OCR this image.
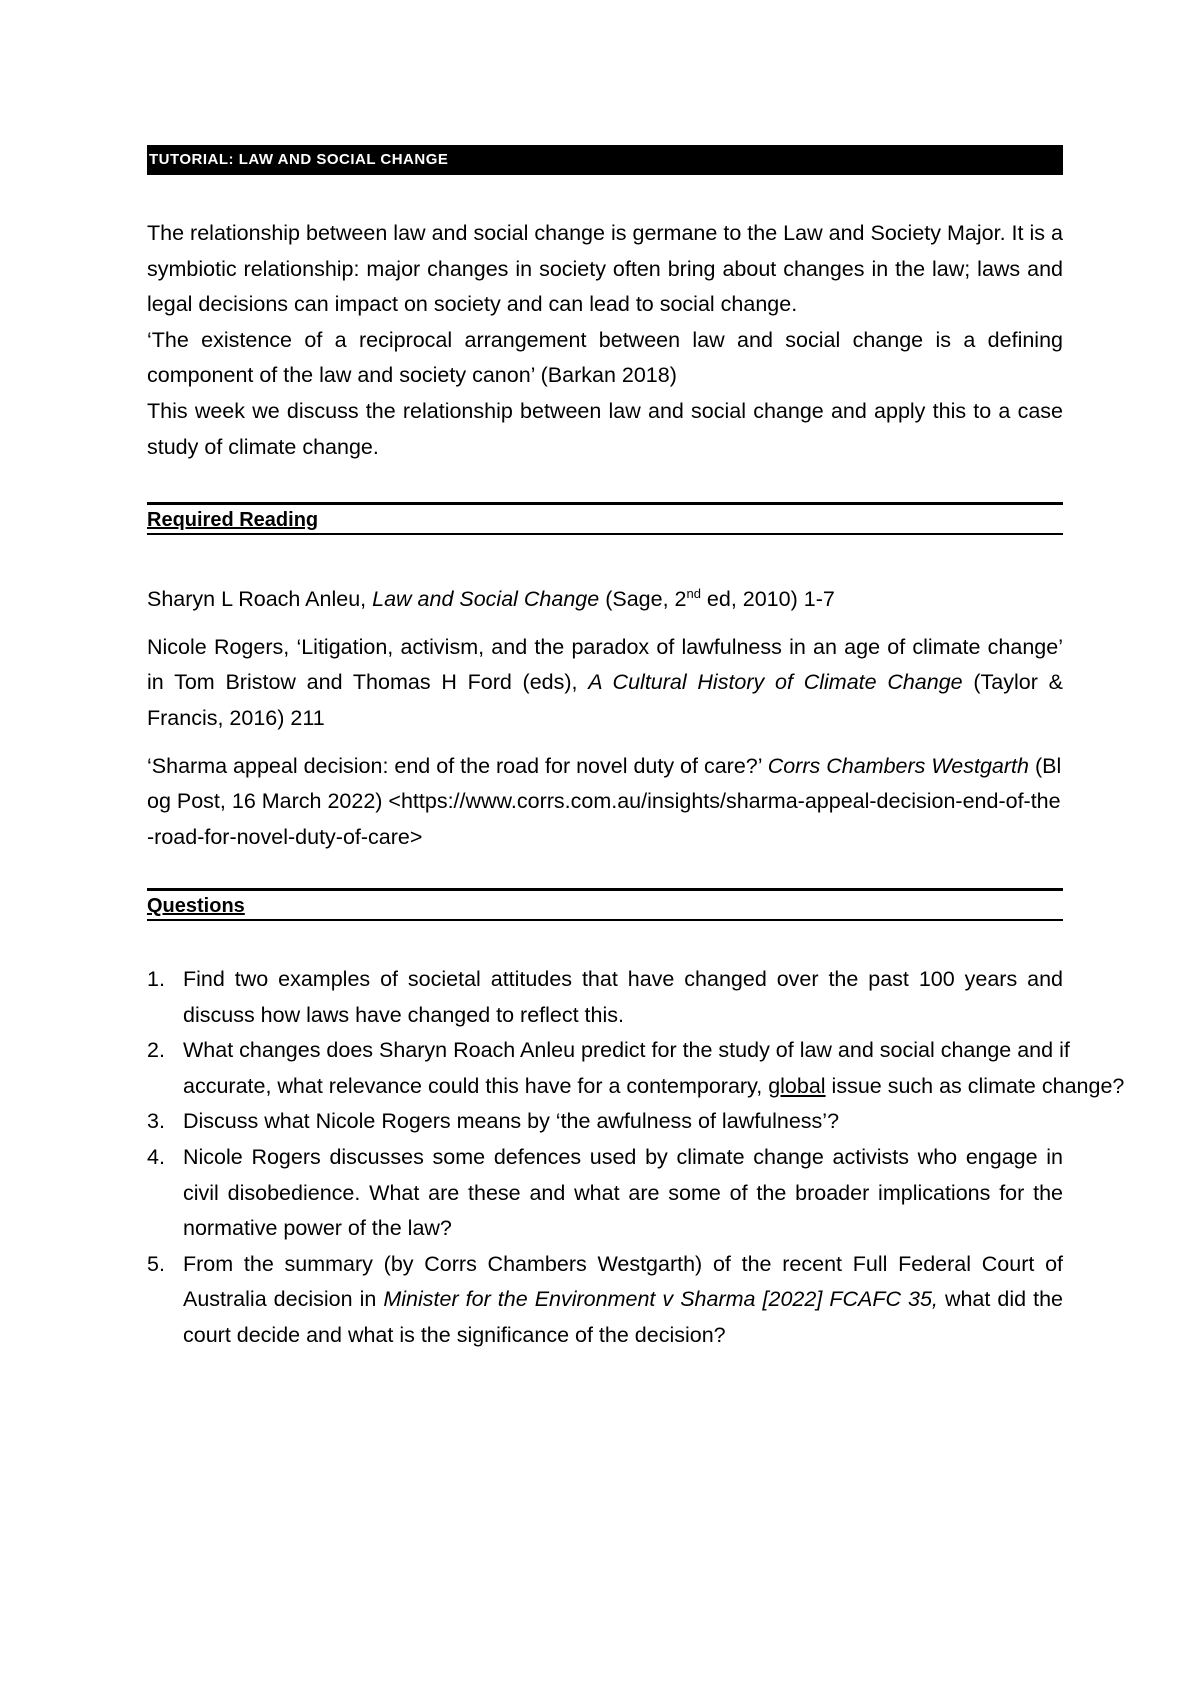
TUTORIAL: LAW AND SOCIAL CHANGE

The relationship between law and social change is germane to the Law and Society Major. It is a symbiotic relationship: major changes in society often bring about changes in the law; laws and legal decisions can impact on society and can lead to social change.

‘The existence of a reciprocal arrangement between law and social change is a defining component of the law and society canon’ (Barkan 2018)

This week we discuss the relationship between law and social change and apply this to a case study of climate change.

Required Reading

Sharyn L Roach Anleu, Law and Social Change (Sage, 2nd ed, 2010) 1-7

Nicole Rogers, ‘Litigation, activism, and the paradox of lawfulness in an age of climate change’ in Tom Bristow and Thomas H Ford (eds), A Cultural History of Climate Change (Taylor & Francis, 2016) 211

‘Sharma appeal decision: end of the road for novel duty of care?’ Corrs Chambers Westgarth (Blog Post, 16 March 2022) <https://www.corrs.com.au/insights/sharma-appeal-decision-end-of-the-road-for-novel-duty-of-care>

Questions
1. Find two examples of societal attitudes that have changed over the past 100 years and discuss how laws have changed to reflect this.
2. What changes does Sharyn Roach Anleu predict for the study of law and social change and if accurate, what relevance could this have for a contemporary, global issue such as climate change?
3. Discuss what Nicole Rogers means by ‘the awfulness of lawfulness’?
4. Nicole Rogers discusses some defences used by climate change activists who engage in civil disobedience. What are these and what are some of the broader implications for the normative power of the law?
5. From the summary (by Corrs Chambers Westgarth) of the recent Full Federal Court of Australia decision in Minister for the Environment v Sharma [2022] FCAFC 35, what did the court decide and what is the significance of the decision?
